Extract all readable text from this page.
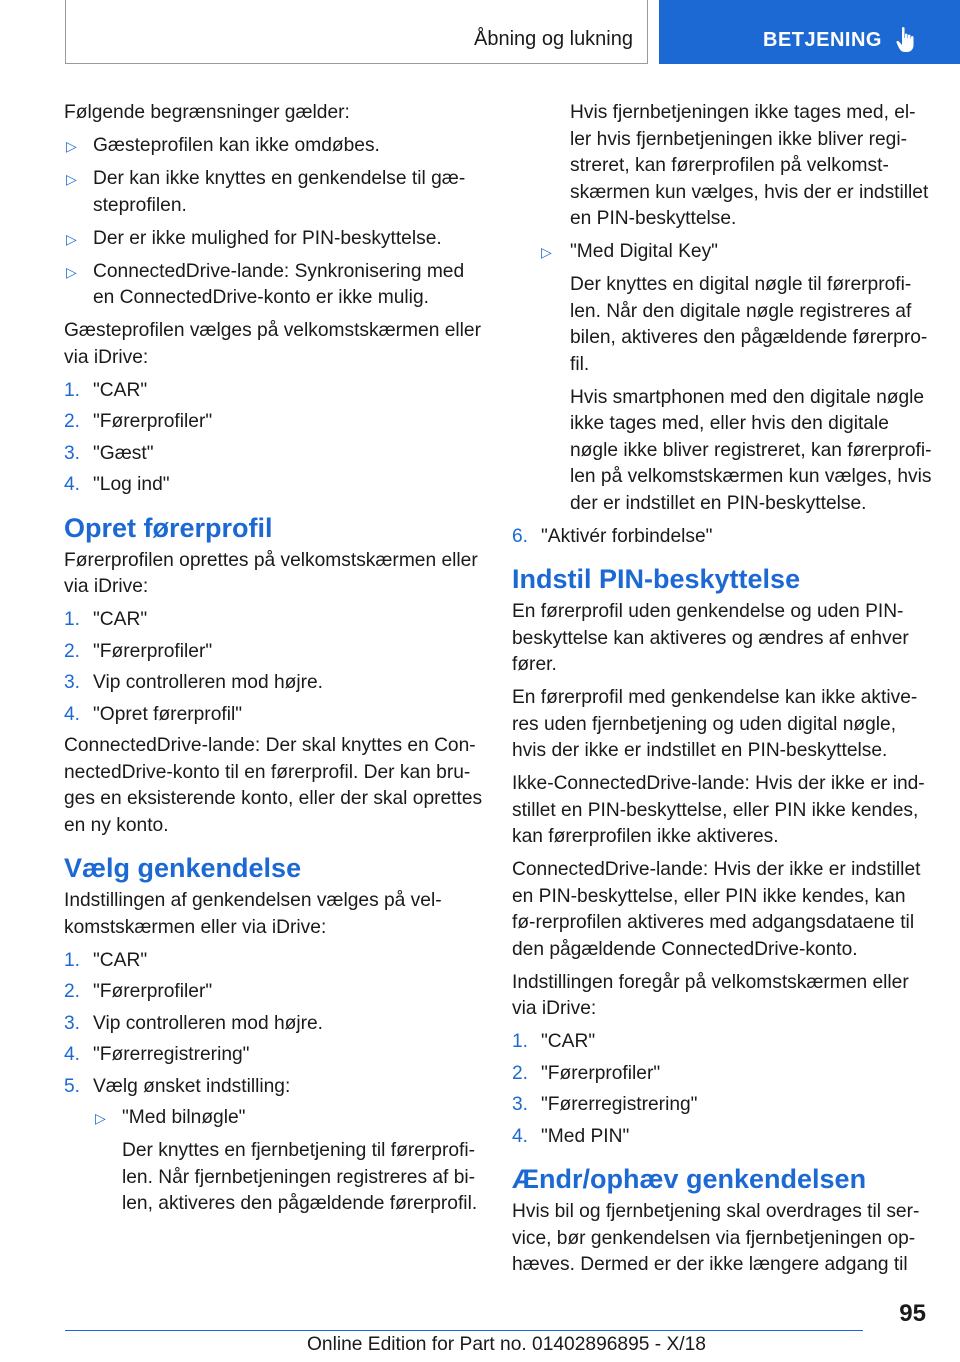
Åbning og lukning	BETJENING

Følgende begrænsninger gælder:

▷ Gæsteprofilen kan ikke omdøbes.
▷ Der kan ikke knyttes en genkendelse til gæ-steprofilen.
▷ Der er ikke mulighed for PIN-beskyttelse.
▷ ConnectedDrive-lande: Synkronisering med en ConnectedDrive-konto er ikke mulig.

Gæsteprofilen vælges på velkomstskærmen eller via iDrive:

1. "CAR"
2. "Førerprofiler"
3. "Gæst"
4. "Log ind"
Opret førerprofil

Førerprofilen oprettes på velkomstskærmen eller via iDrive:

1. "CAR"
2. "Førerprofiler"
3. Vip controlleren mod højre.
4. "Opret førerprofil"

ConnectedDrive-lande: Der skal knyttes en Con-nectedDrive-konto til en førerprofil. Der kan bru-ges en eksisterende konto, eller der skal oprettes en ny konto.

Vælg genkendelse

Indstillingen af genkendelsen vælges på vel-komstskærmen eller via iDrive:

1. "CAR"
2. "Førerprofiler"
3. Vip controlleren mod højre.
4. "Førerregistrering"
5. Vælg ønsket indstilling:
▷ "Med bilnøgle"

Der knyttes en fjernbetjening til førerprofi-len. Når fjernbetjeningen registreres af bi-len, aktiveres den pågældende førerprofil.

Hvis fjernbetjeningen ikke tages med, el-ler hvis fjernbetjeningen ikke bliver regi-streret, kan førerprofilen på velkomst-skærmen kun vælges, hvis der er indstillet en PIN-beskyttelse.

▷ "Med Digital Key"

Der knyttes en digital nøgle til førerprofi-len. Når den digitale nøgle registreres af bilen, aktiveres den pågældende førerpro-fil.

Hvis smartphonen med den digitale nøgle ikke tages med, eller hvis den digitale nøgle ikke bliver registreret, kan førerprofi-len på velkomstskærmen kun vælges, hvis der er indstillet en PIN-beskyttelse.

6. "Aktivér forbindelse"
Indstil PIN-beskyttelse

En førerprofil uden genkendelse og uden PIN-beskyttelse kan aktiveres og ændres af enhver fører.

En førerprofil med genkendelse kan ikke aktive-res uden fjernbetjening og uden digital nøgle, hvis der ikke er indstillet en PIN-beskyttelse.

Ikke-ConnectedDrive-lande: Hvis der ikke er ind-stillet en PIN-beskyttelse, eller PIN ikke kendes, kan førerprofilen ikke aktiveres.

ConnectedDrive-lande: Hvis der ikke er indstillet en PIN-beskyttelse, eller PIN ikke kendes, kan fø-rerprofilen aktiveres med adgangsdataene til den pågældende ConnectedDrive-konto.

Indstillingen foregår på velkomstskærmen eller via iDrive:

1. "CAR"
2. "Førerprofiler"
3. "Førerregistrering"
4. "Med PIN"
Ændr/ophæv genkendelsen

Hvis bil og fjernbetjening skal overdrages til ser-vice, bør genkendelsen via fjernbetjeningen op-hæves. Dermed er der ikke længere adgang til

95
Online Edition for Part no. 01402896895 - X/18
